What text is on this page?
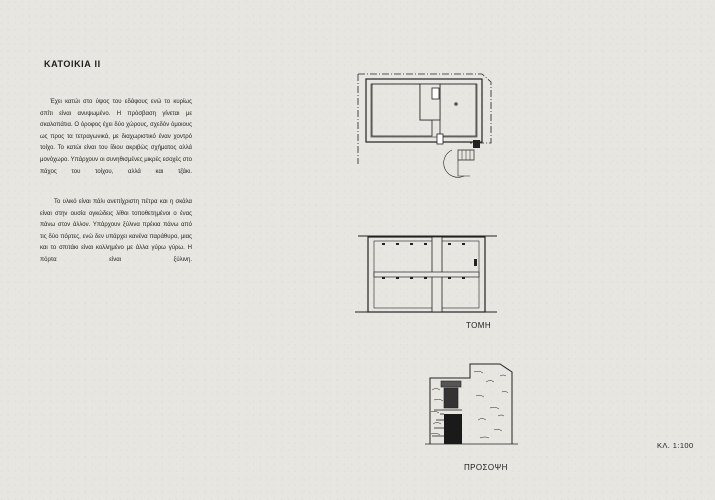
ΚΑΤΟΙΚΙΑ ΙΙ

Έχει κατώι στο ύψος του εδάφους ενώ το κυρίως σπίτι είναι ανυψωμένο. Η πρόσβαση γίνεται με σκαλοπάτια. Ο όροφος έχει δύο χώρους, σχεδόν όμοιους ως προς τα τετραγωνικά, με διαχωριστικό έναν χοντρό τοίχο. Το κατώι είναι του ίδιου ακριβώς σχήματος αλλά μονόχωρο. Υπάρχουν οι συνηθισμένες μικρές εσοχές στο πάχος του τοίχου, αλλά και τζάκι.

Το υλικό είναι πάλι ανεπίχριστη πέτρα και η σκάλα είναι στην ουσία ογκώδεις λίθοι τοποθετημένοι ο ένας πάνω στον άλλον. Υπάρχουν ξύλινα πρέκια πάνω από τις δύο πόρτες, ενώ δεν υπάρχει κανένα παράθυρο, μιας και το σπιτάκι είναι κολλημένο με άλλα γύρω γύρω. Η πόρτα είναι ξύλινη.

ΤΟΜΗ
ΠΡΟΣΟΨΗ
ΚΛ. 1:100
